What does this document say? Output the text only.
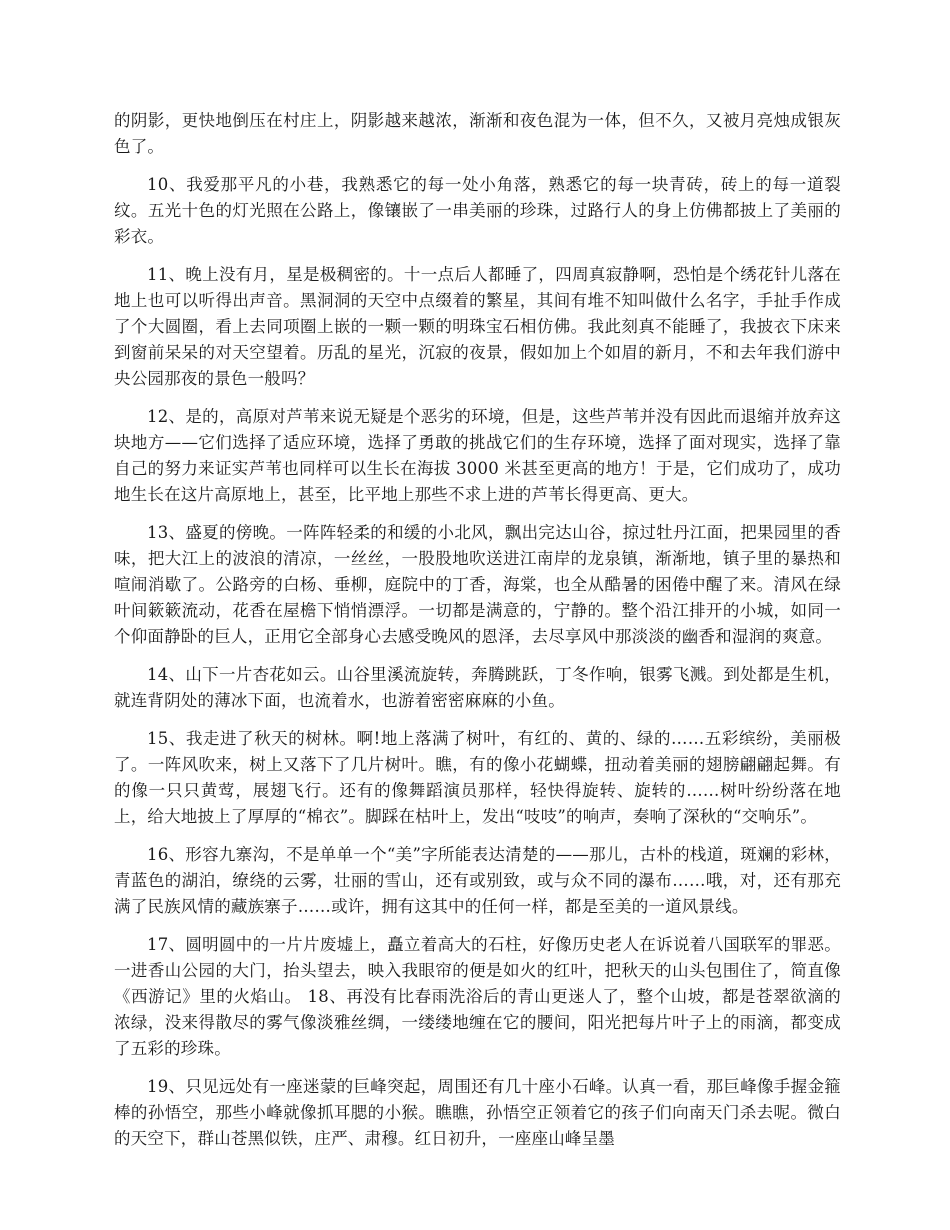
的阴影，更快地倒压在村庄上，阴影越来越浓，渐渐和夜色混为一体，但不久，又被月亮烛成银灰色了。

10、我爱那平凡的小巷，我熟悉它的每一处小角落，熟悉它的每一块青砖，砖上的每一道裂纹。五光十色的灯光照在公路上，像镶嵌了一串美丽的珍珠，过路行人的身上仿佛都披上了美丽的彩衣。

11、晚上没有月，星是极稠密的。十一点后人都睡了，四周真寂静啊，恐怕是个绣花针儿落在地上也可以听得出声音。黑洞洞的天空中点缀着的繁星，其间有堆不知叫做什么名字，手扯手作成了个大圆圈，看上去同项圈上嵌的一颗一颗的明珠宝石相仿佛。我此刻真不能睡了，我披衣下床来到窗前呆呆的对天空望着。历乱的星光，沉寂的夜景，假如加上个如眉的新月，不和去年我们游中央公园那夜的景色一般吗？

12、是的，高原对芦苇来说无疑是个恶劣的环境，但是，这些芦苇并没有因此而退缩并放弃这块地方——它们选择了适应环境，选择了勇敢的挑战它们的生存环境，选择了面对现实，选择了靠自己的努力来证实芦苇也同样可以生长在海拔 3000 米甚至更高的地方！于是，它们成功了，成功地生长在这片高原地上，甚至，比平地上那些不求上进的芦苇长得更高、更大。

13、盛夏的傍晚。一阵阵轻柔的和缓的小北风，飘出完达山谷，掠过牡丹江面，把果园里的香味，把大江上的波浪的清凉，一丝丝，一股股地吹送进江南岸的龙泉镇，渐渐地，镇子里的暴热和喧闹消歇了。公路旁的白杨、垂柳，庭院中的丁香，海棠，也全从酷暑的困倦中醒了来。清风在绿叶间簌簌流动，花香在屋檐下悄悄漂浮。一切都是满意的，宁静的。整个沿江排开的小城，如同一个仰面静卧的巨人，正用它全部身心去感受晚风的恩泽，去尽享风中那淡淡的幽香和湿润的爽意。

14、山下一片杏花如云。山谷里溪流旋转，奔腾跳跃，丁冬作响，银雾飞溅。到处都是生机，就连背阴处的薄冰下面，也流着水，也游着密密麻麻的小鱼。

15、我走进了秋天的树林。啊!地上落满了树叶，有红的、黄的、绿的……五彩缤纷，美丽极了。一阵风吹来，树上又落下了几片树叶。瞧，有的像小花蝴蝶，扭动着美丽的翅膀翩翩起舞。有的像一只只黄莺，展翅飞行。还有的像舞蹈演员那样，轻快得旋转、旋转的……树叶纷纷落在地上，给大地披上了厚厚的“棉衣”。脚踩在枯叶上，发出“吱吱”的响声，奏响了深秋的“交响乐”。

16、形容九寨沟，不是单单一个“美”字所能表达清楚的——那儿，古朴的栈道，斑斓的彩林，青蓝色的湖泊，缭绕的云雾，壮丽的雪山，还有或别致，或与众不同的瀑布……哦，对，还有那充满了民族风情的藏族寨子……或许，拥有这其中的任何一样，都是至美的一道风景线。

17、圆明圆中的一片片废墟上，矗立着高大的石柱，好像历史老人在诉说着八国联军的罪恶。一进香山公园的大门，抬头望去，映入我眼帘的便是如火的红叶，把秋天的山头包围住了，简直像《西游记》里的火焰山。 18、再没有比春雨洗浴后的青山更迷人了，整个山坡，都是苍翠欲滴的浓绿，没来得散尽的雾气像淡雅丝绸，一缕缕地缠在它的腰间，阳光把每片叶子上的雨滴，都变成了五彩的珍珠。

19、只见远处有一座迷蒙的巨峰突起，周围还有几十座小石峰。认真一看，那巨峰像手握金箍棒的孙悟空，那些小峰就像抓耳腮的小猴。瞧瞧，孙悟空正领着它的孩子们向南天门杀去呢。微白的天空下，群山苍黑似铁，庄严、肃穆。红日初升，一座座山峰呈墨
